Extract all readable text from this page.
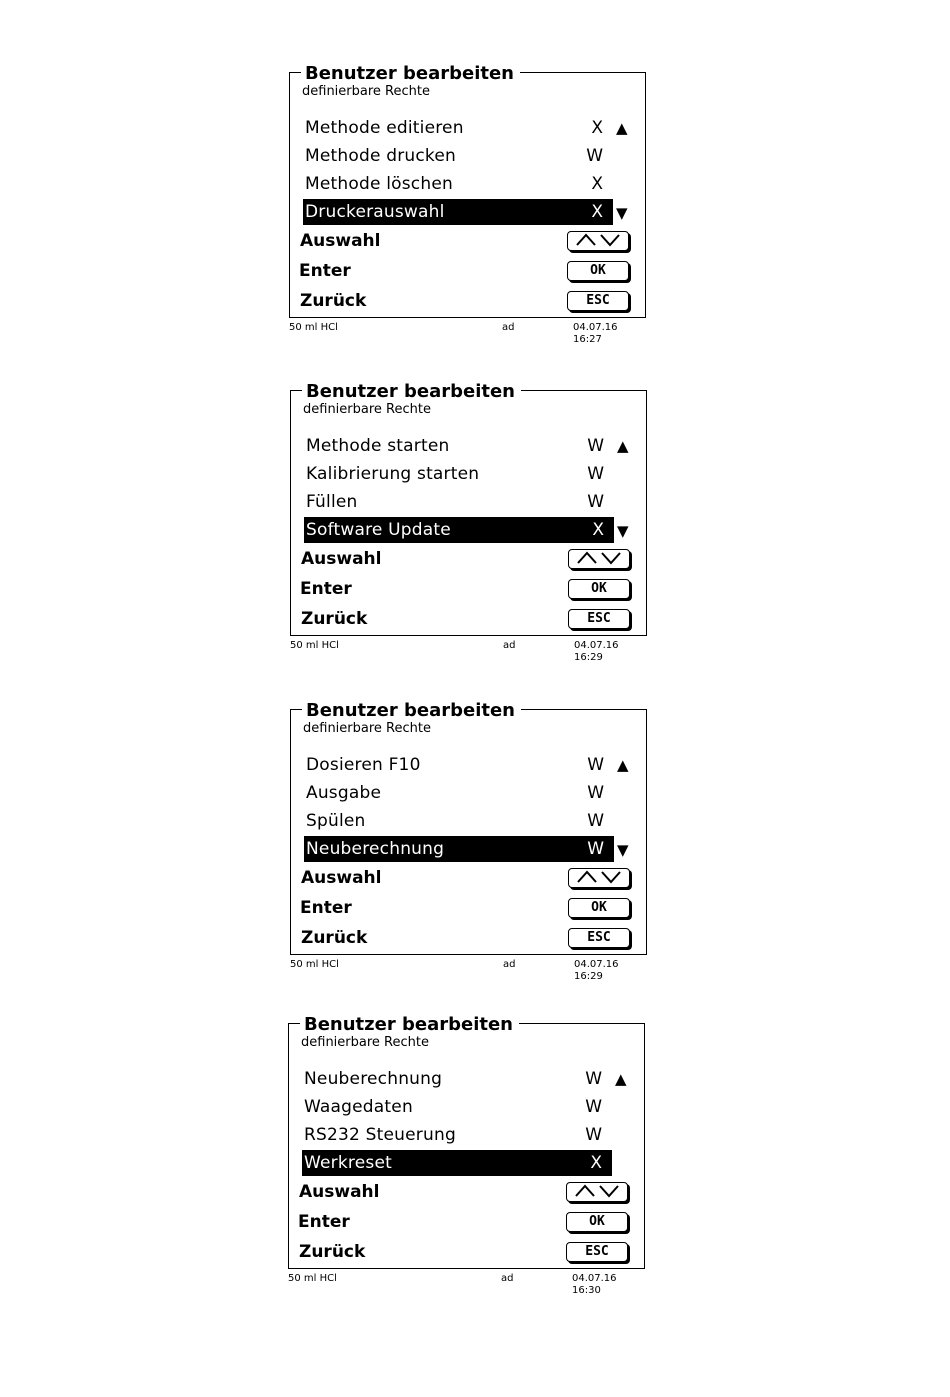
Benutzer bearbeiten
definierbare Rechte
Methode editieren	X ▲
Methode drucken	W
Methode löschen	X
Druckerauswahl	X ▼
Auswahl
Enter	OK
Zurück	ESC
50 ml HCl	ad	04.07.16 16:27
Benutzer bearbeiten
definierbare Rechte
Methode starten	W ▲
Kalibrierung starten	W
Füllen	W
Software Update	X ▼
Auswahl
Enter	OK
Zurück	ESC
50 ml HCl	ad	04.07.16 16:29
Benutzer bearbeiten
definierbare Rechte
Dosieren F10	W ▲
Ausgabe	W
Spülen	W
Neuberechnung	W ▼
Auswahl
Enter	OK
Zurück	ESC
50 ml HCl	ad	04.07.16 16:29
Benutzer bearbeiten
definierbare Rechte
Neuberechnung	W ▲
Waagedaten	W
RS232 Steuerung	W
Werkreset	X
Auswahl
Enter	OK
Zurück	ESC
50 ml HCl	ad	04.07.16 16:30
